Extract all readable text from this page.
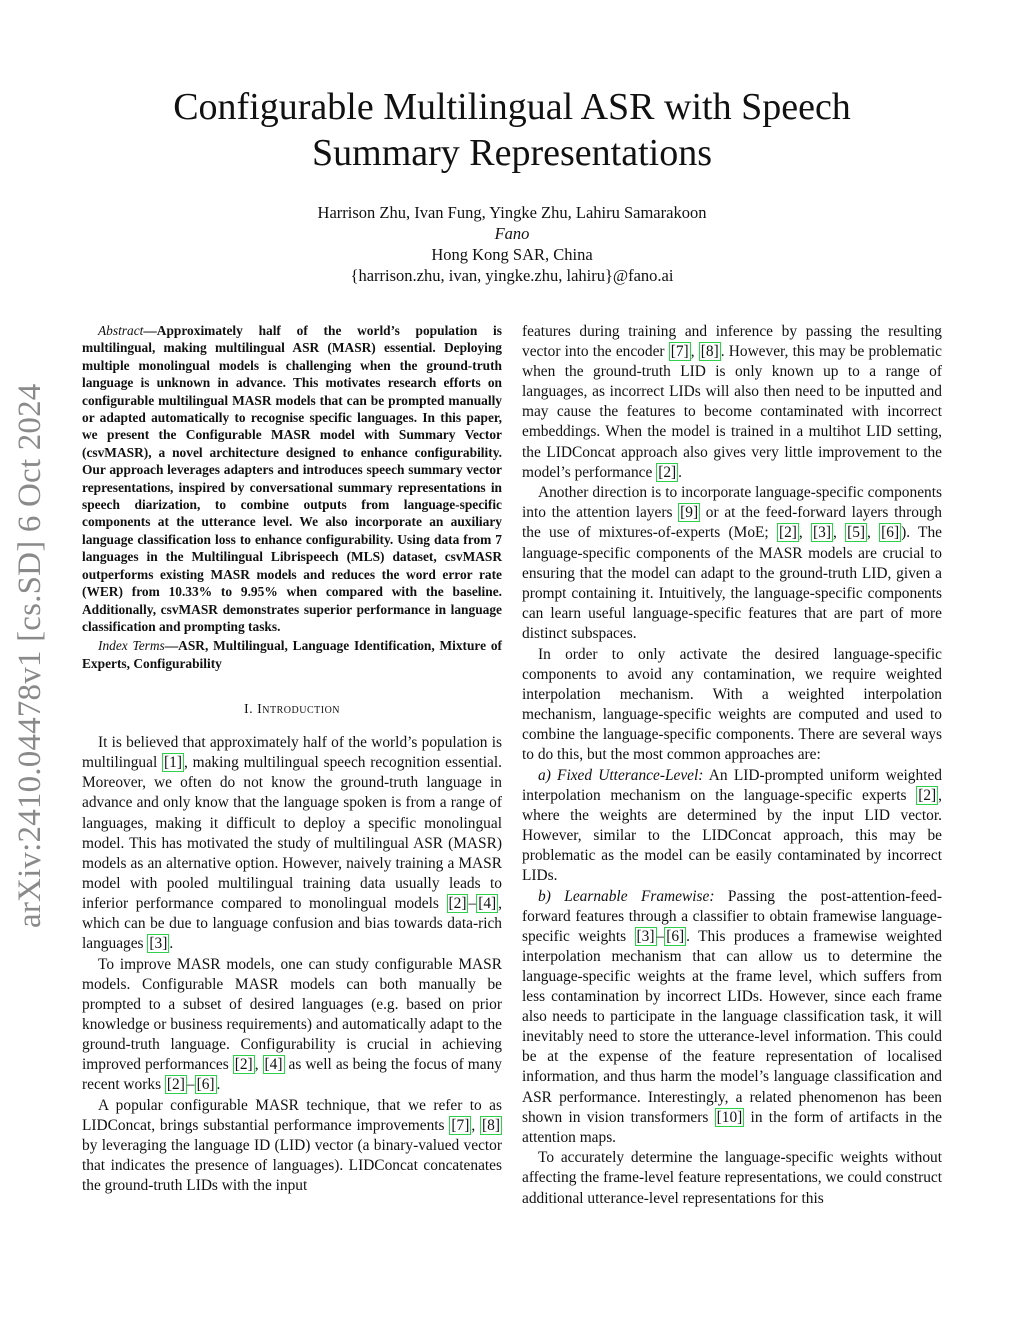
arXiv:2410.04478v1 [cs.SD] 6 Oct 2024
Configurable Multilingual ASR with Speech
Summary Representations
Harrison Zhu, Ivan Fung, Yingke Zhu, Lahiru Samarakoon
Fano
Hong Kong SAR, China
{harrison.zhu, ivan, yingke.zhu, lahiru}@fano.ai

Abstract—Approximately half of the world’s population is multilingual, making multilingual ASR (MASR) essential. Deploying multiple monolingual models is challenging when the ground-truth language is unknown in advance. This motivates research efforts on configurable multilingual MASR models that can be prompted manually or adapted automatically to recognise specific languages. In this paper, we present the Configurable MASR model with Summary Vector (csvMASR), a novel architecture designed to enhance configurability. Our approach leverages adapters and introduces speech summary vector representations, inspired by conversational summary representations in speech diarization, to combine outputs from language-specific components at the utterance level. We also incorporate an auxiliary language classification loss to enhance configurability. Using data from 7 languages in the Multilingual Librispeech (MLS) dataset, csvMASR outperforms existing MASR models and reduces the word error rate (WER) from 10.33% to 9.95% when compared with the baseline. Additionally, csvMASR demonstrates superior performance in language classification and prompting tasks.

Index Terms—ASR, Multilingual, Language Identification, Mixture of Experts, Configurability

I. Introduction

It is believed that approximately half of the world’s population is multilingual [1] , making multilingual speech recognition essential. Moreover, we often do not know the ground-truth language in advance and only know that the language spoken is from a range of languages, making it difficult to deploy a specific monolingual model. This has motivated the study of multilingual ASR (MASR) models as an alternative option. However, naively training a MASR model with pooled multilingual training data usually leads to inferior performance compared to monolingual models [2] – [4] , which can be due to language confusion and bias towards data-rich languages [3] .

To improve MASR models, one can study configurable MASR models. Configurable MASR models can both manually be prompted to a subset of desired languages (e.g. based on prior knowledge or business requirements) and automatically adapt to the ground-truth language. Configurability is crucial in achieving improved performances [2] , [4] as well as being the focus of many recent works [2] – [6] .

A popular configurable MASR technique, that we refer to as LIDConcat, brings substantial performance improvements [7] , [8] by leveraging the language ID (LID) vector (a binary-valued vector that indicates the presence of languages). LIDConcat concatenates the ground-truth LIDs with the input

features during training and inference by passing the resulting vector into the encoder [7] , [8] . However, this may be problematic when the ground-truth LID is only known up to a range of languages, as incorrect LIDs will also then need to be inputted and may cause the features to become contaminated with incorrect embeddings. When the model is trained in a multihot LID setting, the LIDConcat approach also gives very little improvement to the model’s performance [2] .

Another direction is to incorporate language-specific components into the attention layers [9] or at the feed-forward layers through the use of mixtures-of-experts (MoE; [2] , [3] , [5] , [6] ). The language-specific components of the MASR models are crucial to ensuring that the model can adapt to the ground-truth LID, given a prompt containing it. Intuitively, the language-specific components can learn useful language-specific features that are part of more distinct subspaces.

In order to only activate the desired language-specific components to avoid any contamination, we require weighted interpolation mechanism. With a weighted interpolation mechanism, language-specific weights are computed and used to combine the language-specific components. There are several ways to do this, but the most common approaches are:

a) Fixed Utterance-Level: An LID-prompted uniform weighted interpolation mechanism on the language-specific experts [2] , where the weights are determined by the input LID vector. However, similar to the LIDConcat approach, this may be problematic as the model can be easily contaminated by incorrect LIDs.

b) Learnable Framewise: Passing the post-attention-feed-forward features through a classifier to obtain framewise language-specific weights [3] – [6] . This produces a framewise weighted interpolation mechanism that can allow us to determine the language-specific weights at the frame level, which suffers from less contamination by incorrect LIDs. However, since each frame also needs to participate in the language classification task, it will inevitably need to store the utterance-level information. This could be at the expense of the feature representation of localised information, and thus harm the model’s language classification and ASR performance. Interestingly, a related phenomenon has been shown in vision transformers [10] in the form of artifacts in the attention maps.

To accurately determine the language-specific weights without affecting the frame-level feature representations, we could construct additional utterance-level representations for this
